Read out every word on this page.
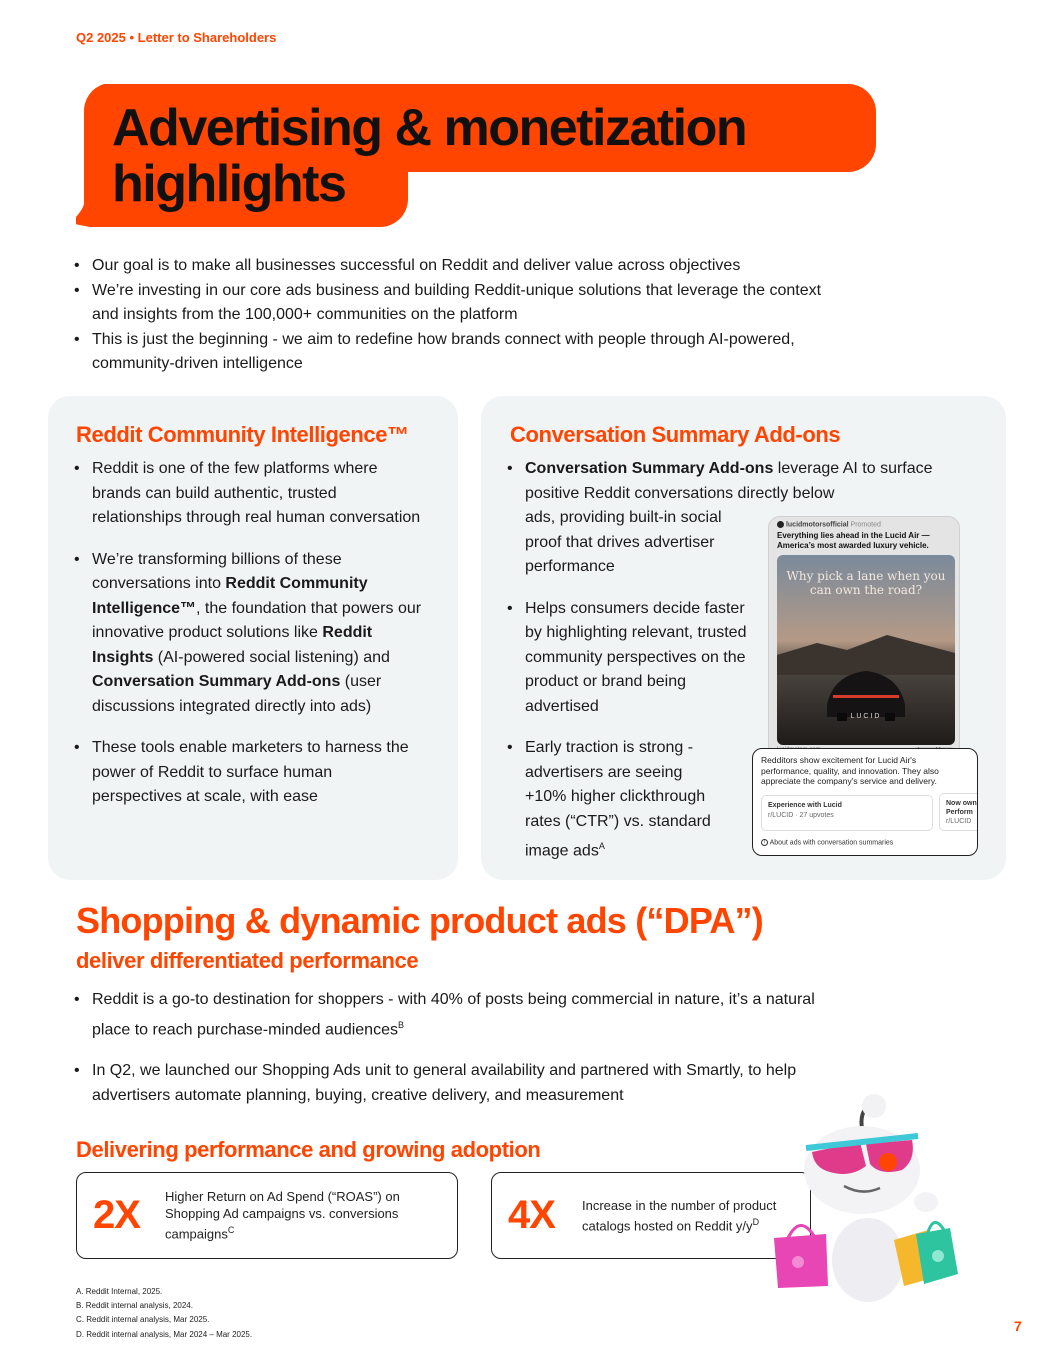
Q2 2025 • Letter to Shareholders
Advertising & monetization
highlights
• Our goal is to make all businesses successful on Reddit and deliver value across objectives
• We’re investing in our core ads business and building Reddit-unique solutions that leverage the context and insights from the 100,000+ communities on the platform
• This is just the beginning - we aim to redefine how brands connect with people through AI-powered, community-driven intelligence
Reddit Community Intelligence™
• Reddit is one of the few platforms where brands can build authentic, trusted relationships through real human conversation
• We’re transforming billions of these conversations into Reddit Community Intelligence™, the foundation that powers our innovative product solutions like Reddit Insights (AI-powered social listening) and Conversation Summary Add-ons (user discussions integrated directly into ads)
• These tools enable marketers to harness the power of Reddit to surface human perspectives at scale, with ease
Conversation Summary Add-ons
• Conversation Summary Add-ons leverage AI to surface positive Reddit conversations directly below
ads, providing built-in social proof that drives advertiser performance
• Helps consumers decide faster by highlighting relevant, trusted community perspectives on the product or brand being advertised
• Early traction is strong - advertisers are seeing +10% higher clickthrough rates (“CTR”) vs. standard image ads$^A$
lucidmotorsofficial Promoted
Everything lies ahead in the Lucid Air — America’s most awarded luxury vehicle.
Why pick a lane when you can own the road?
LUCID
Redditors show excitement for Lucid Air's performance, quality, and innovation. They also appreciate the company's service and delivery.
Experience with Lucid
r/LUCID · 27 upvotes
Now own
Perform
r/LUCID
i About ads with conversation summaries
Shopping & dynamic product ads (“DPA”)
deliver differentiated performance
• Reddit is a go-to destination for shoppers - with 40% of posts being commercial in nature, it’s a natural place to reach purchase-minded audiences$^B$
• In Q2, we launched our Shopping Ads unit to general availability and partnered with Smartly, to help advertisers automate planning, buying, creative delivery, and measurement
Delivering performance and growing adoption
2X	Higher Return on Ad Spend (“ROAS”) on Shopping Ad campaigns vs. conversions campaigns$^C$	4X	Increase in the number of product catalogs hosted on Reddit $y/y^D$
A. Reddit Internal, 2025.
B. Reddit internal analysis, 2024.
C. Reddit internal analysis, Mar 2025.
D. Reddit internal analysis, Mar 2024 – Mar 2025.
7
